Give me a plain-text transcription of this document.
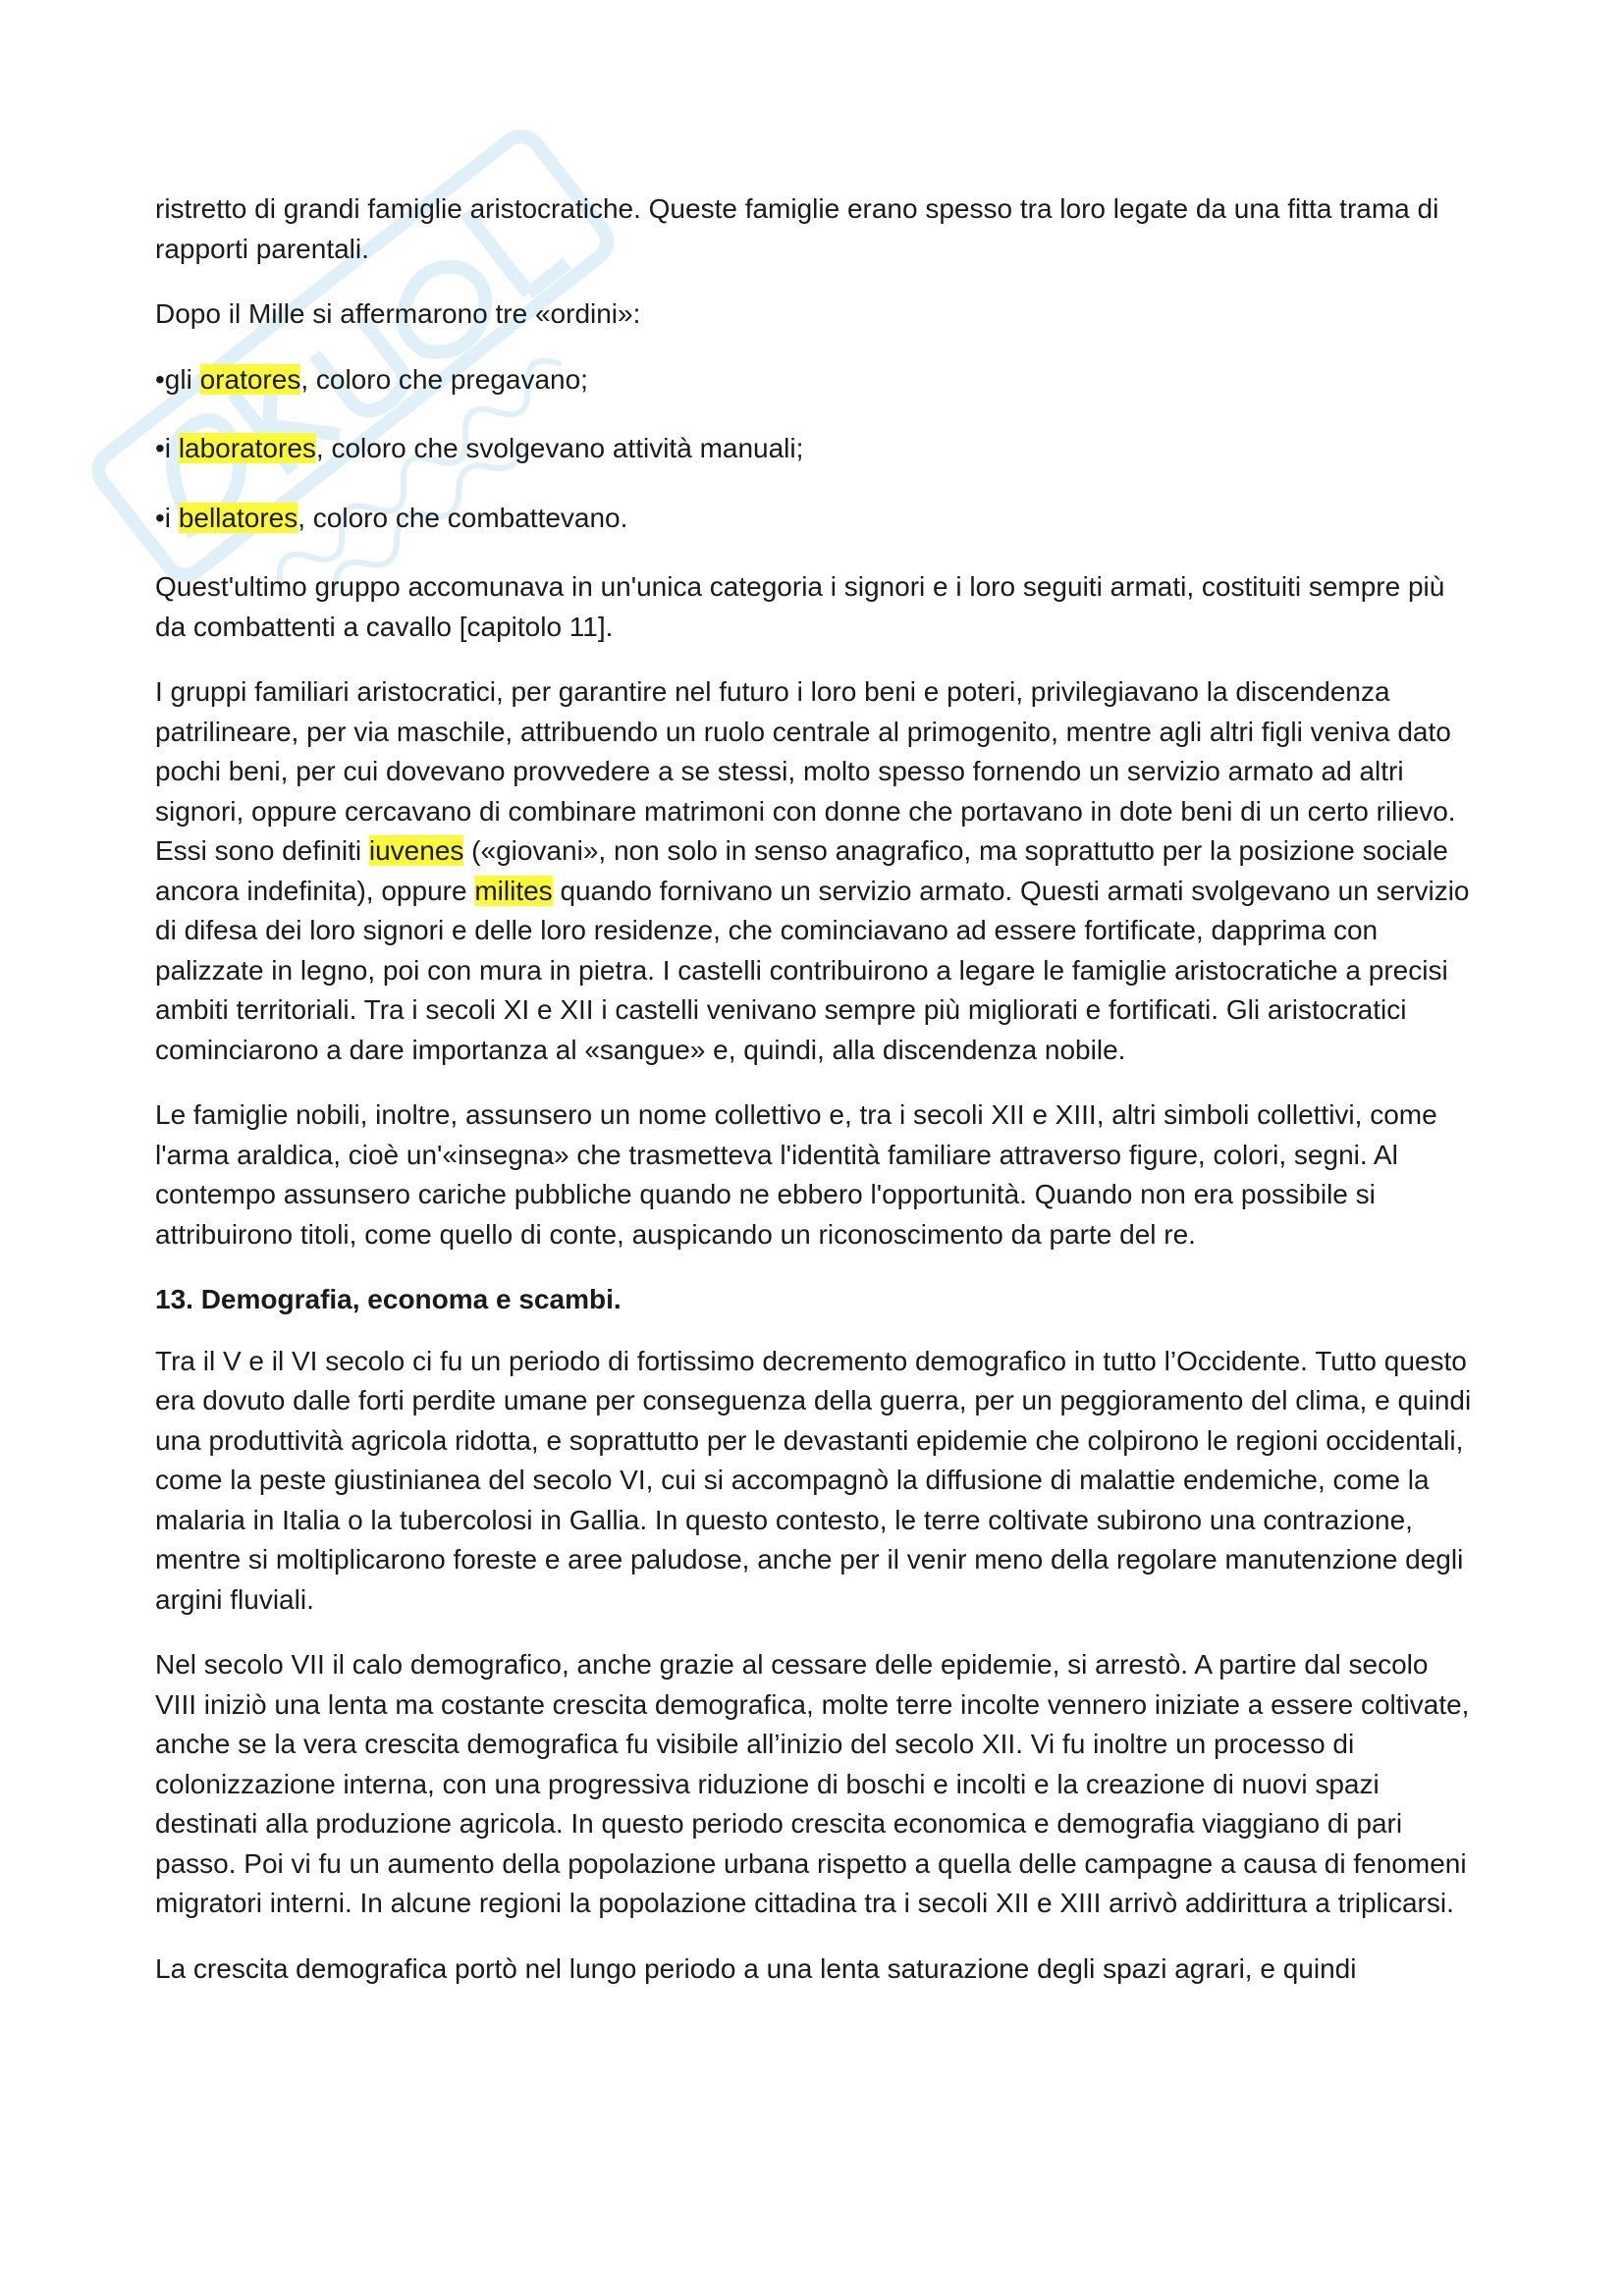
ristretto di grandi famiglie aristocratiche. Queste famiglie erano spesso tra loro legate da una fitta trama di rapporti parentali.

Dopo il Mille si affermarono tre «ordini»:

•gli oratores, coloro che pregavano;

•i laboratores, coloro che svolgevano attività manuali;

•i bellatores, coloro che combattevano.

Quest'ultimo gruppo accomunava in un'unica categoria i signori e i loro seguiti armati, costituiti sempre più da combattenti a cavallo [capitolo 11].

I gruppi familiari aristocratici, per garantire nel futuro i loro beni e poteri, privilegiavano la discendenza patrilineare, per via maschile, attribuendo un ruolo centrale al primogenito, mentre agli altri figli veniva dato pochi beni, per cui dovevano provvedere a se stessi, molto spesso fornendo un servizio armato ad altri signori, oppure cercavano di combinare matrimoni con donne che portavano in dote beni di un certo rilievo. Essi sono definiti iuvenes («giovani», non solo in senso anagrafico, ma soprattutto per la posizione sociale ancora indefinita), oppure milites quando fornivano un servizio armato. Questi armati svolgevano un servizio di difesa dei loro signori e delle loro residenze, che cominciavano ad essere fortificate, dapprima con palizzate in legno, poi con mura in pietra. I castelli contribuirono a legare le famiglie aristocratiche a precisi ambiti territoriali. Tra i secoli XI e XII i castelli venivano sempre più migliorati e fortificati. Gli aristocratici cominciarono a dare importanza al «sangue» e, quindi, alla discendenza nobile.

Le famiglie nobili, inoltre, assunsero un nome collettivo e, tra i secoli XII e XIII, altri simboli collettivi, come l'arma araldica, cioè un'«insegna» che trasmetteva l'identità familiare attraverso figure, colori, segni. Al contempo assunsero cariche pubbliche quando ne ebbero l'opportunità. Quando non era possibile si attribuirono titoli, come quello di conte, auspicando un riconoscimento da parte del re.

13. Demografia, economa e scambi.

Tra il V e il VI secolo ci fu un periodo di fortissimo decremento demografico in tutto l’Occidente. Tutto questo era dovuto dalle forti perdite umane per conseguenza della guerra, per un peggioramento del clima, e quindi una produttività agricola ridotta, e soprattutto per le devastanti epidemie che colpirono le regioni occidentali, come la peste giustinianea del secolo VI, cui si accompagnò la diffusione di malattie endemiche, come la malaria in Italia o la tubercolosi in Gallia. In questo contesto, le terre coltivate subirono una contrazione, mentre si moltiplicarono foreste e aree paludose, anche per il venir meno della regolare manutenzione degli argini fluviali.

Nel secolo VII il calo demografico, anche grazie al cessare delle epidemie, si arrestò. A partire dal secolo VIII iniziò una lenta ma costante crescita demografica, molte terre incolte vennero iniziate a essere coltivate, anche se la vera crescita demografica fu visibile all’inizio del secolo XII. Vi fu inoltre un processo di colonizzazione interna, con una progressiva riduzione di boschi e incolti e la creazione di nuovi spazi destinati alla produzione agricola. In questo periodo crescita economica e demografia viaggiano di pari passo. Poi vi fu un aumento della popolazione urbana rispetto a quella delle campagne a causa di fenomeni migratori interni. In alcune regioni la popolazione cittadina tra i secoli XII e XIII arrivò addirittura a triplicarsi.

La crescita demografica portò nel lungo periodo a una lenta saturazione degli spazi agrari, e quindi
